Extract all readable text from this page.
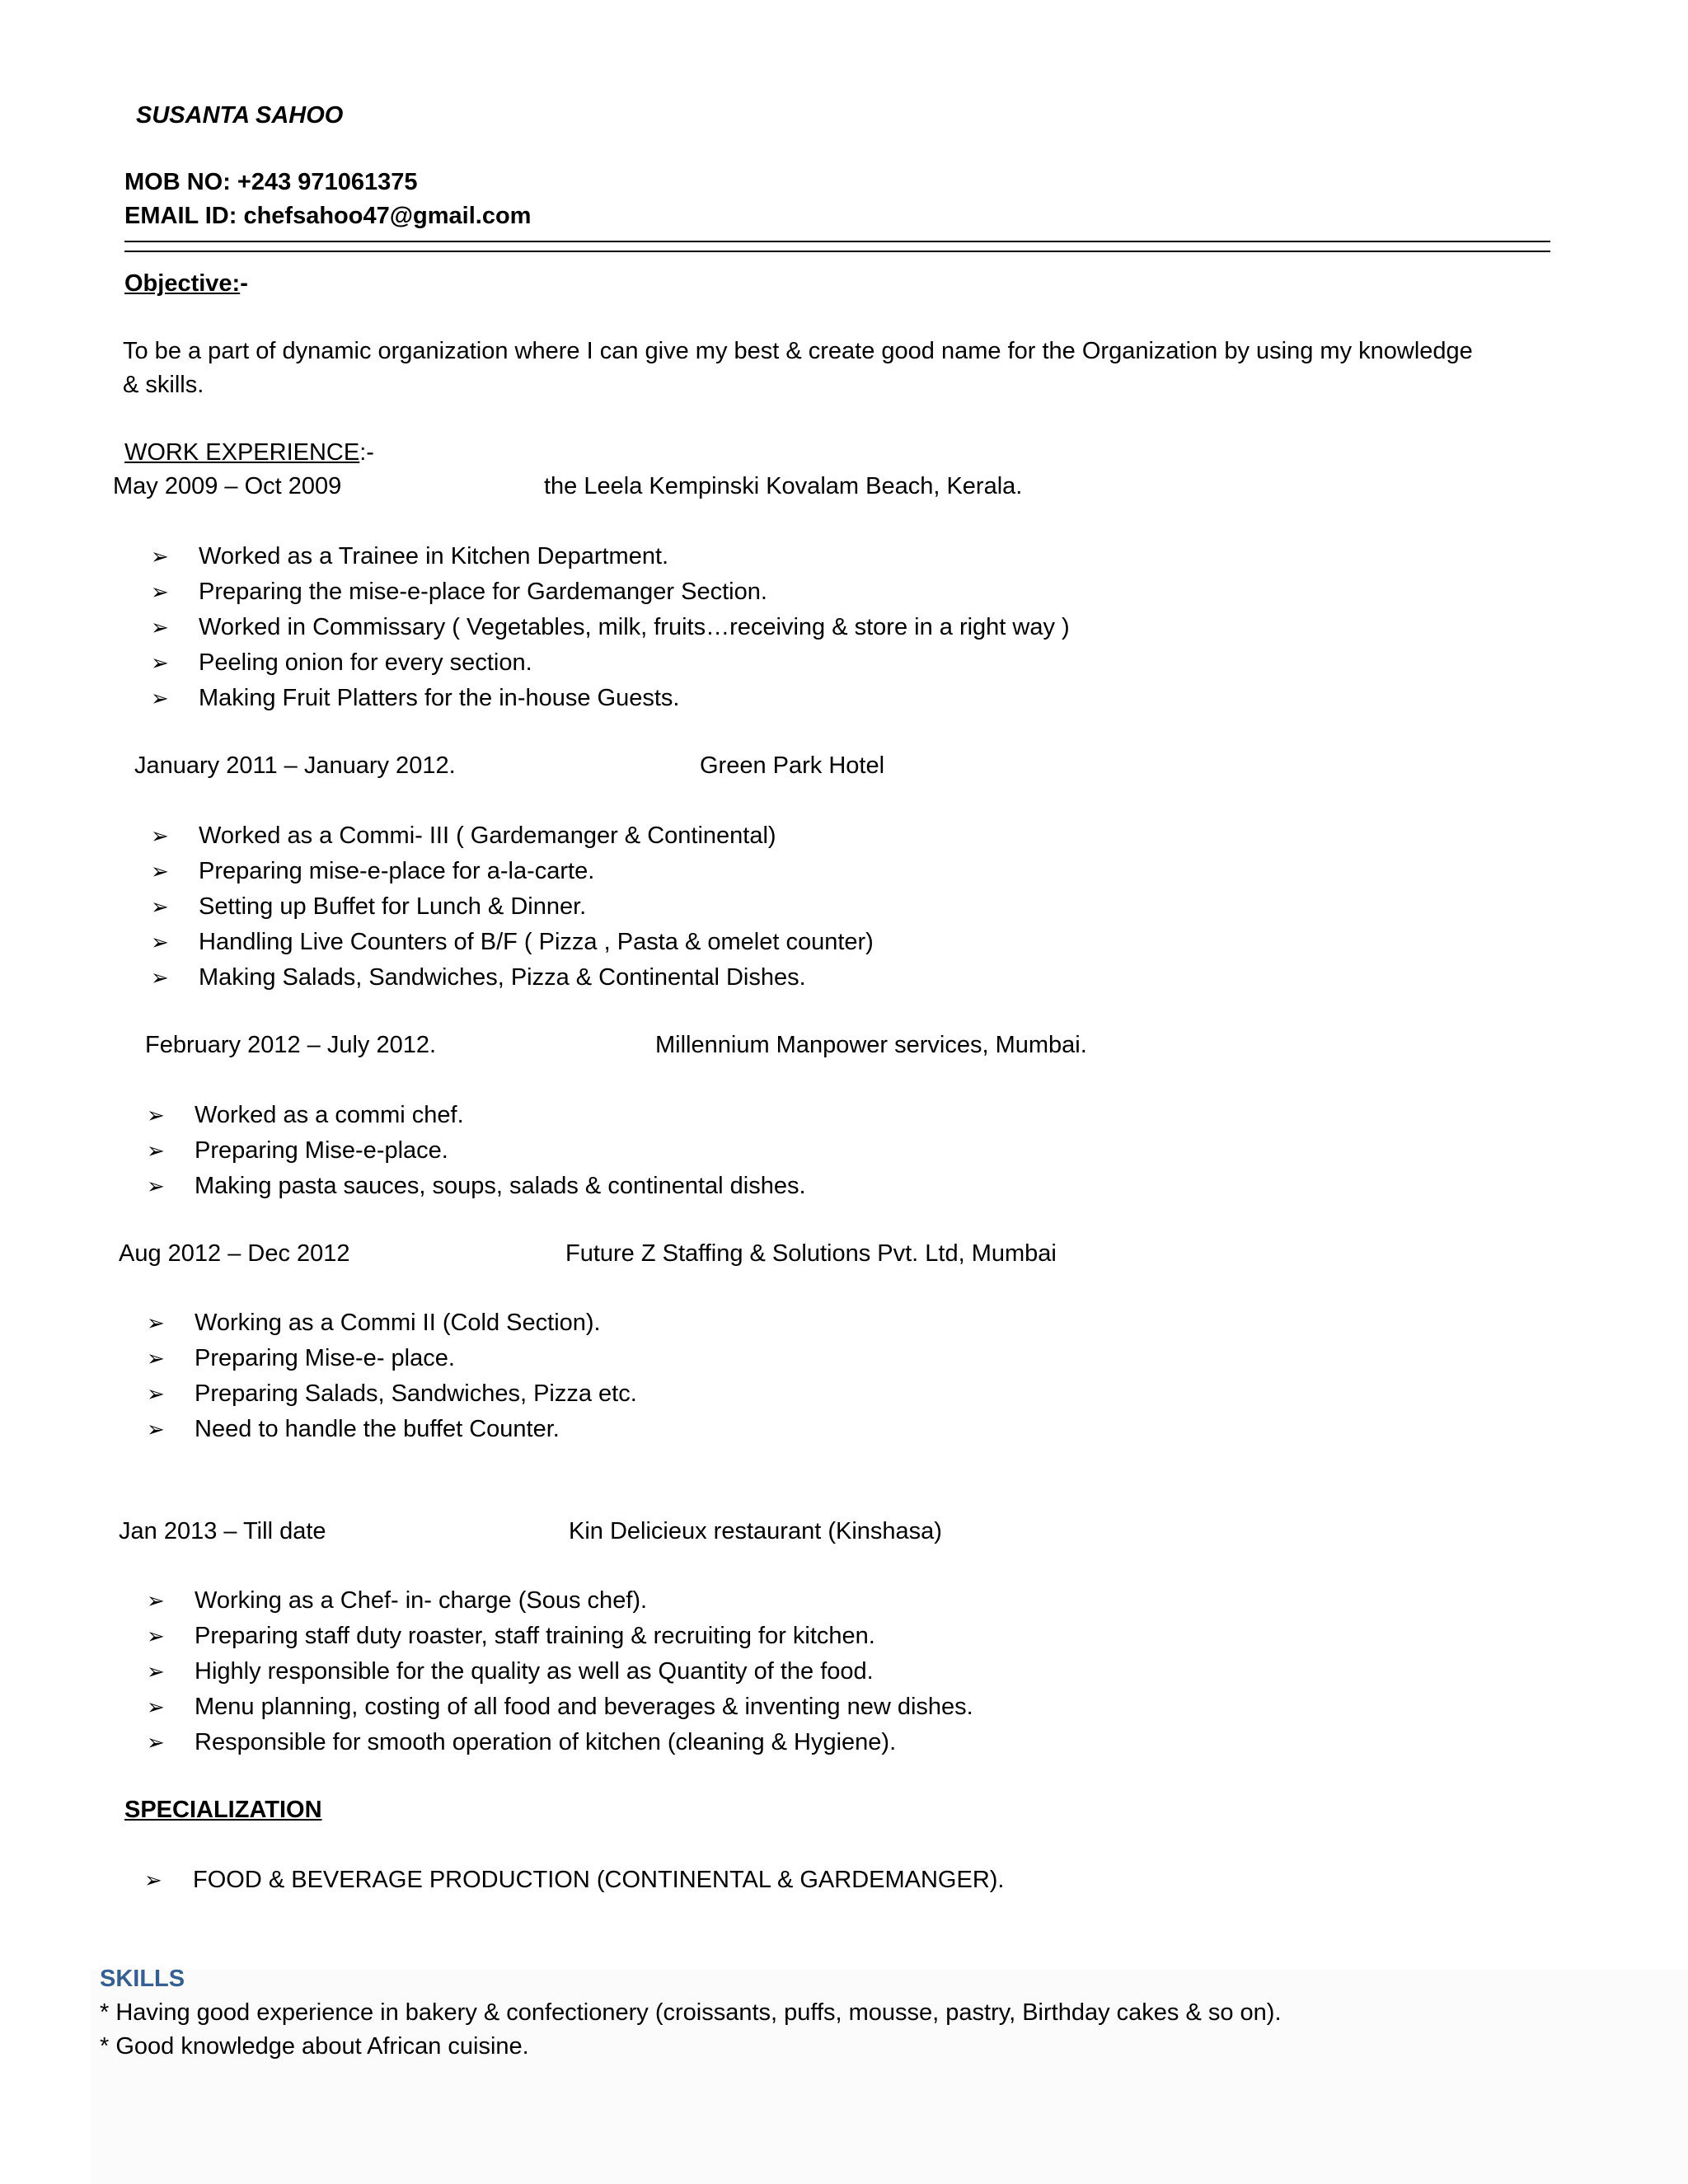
SUSANTA SAHOO
MOB NO: +243 971061375
EMAIL ID: chefsahoo47@gmail.com
Objective:-
To be a part of dynamic organization where I can give my best & create good name for the Organization by using my knowledge
& skills.
WORK EXPERIENCE:-
May 2009 – Oct 2009	the Leela Kempinski Kovalam Beach, Kerala.
➢ Worked as a Trainee in Kitchen Department.
➢ Preparing the mise-e-place for Gardemanger Section.
➢ Worked in Commissary ( Vegetables, milk, fruits…receiving & store in a right way )
➢ Peeling onion for every section.
➢ Making Fruit Platters for the in-house Guests.
January 2011 – January 2012.	Green Park Hotel
➢ Worked as a Commi- III ( Gardemanger & Continental)
➢ Preparing mise-e-place for a-la-carte.
➢ Setting up Buffet for Lunch & Dinner.
➢ Handling Live Counters of B/F ( Pizza , Pasta & omelet counter)
➢ Making Salads, Sandwiches, Pizza & Continental Dishes.
February 2012 – July 2012.	Millennium Manpower services, Mumbai.
➢ Worked as a commi chef.
➢ Preparing Mise-e-place.
➢ Making pasta sauces, soups, salads & continental dishes.
Aug 2012 – Dec 2012	Future Z Staffing & Solutions Pvt. Ltd, Mumbai
➢ Working as a Commi II (Cold Section).
➢ Preparing Mise-e- place.
➢ Preparing Salads, Sandwiches, Pizza etc.
➢ Need to handle the buffet Counter.
Jan 2013 – Till date	Kin Delicieux restaurant (Kinshasa)
➢ Working as a Chef- in- charge (Sous chef).
➢ Preparing staff duty roaster, staff training & recruiting for kitchen.
➢ Highly responsible for the quality as well as Quantity of the food.
➢ Menu planning, costing of all food and beverages & inventing new dishes.
➢ Responsible for smooth operation of kitchen (cleaning & Hygiene).
SPECIALIZATION
➢ FOOD & BEVERAGE PRODUCTION (CONTINENTAL & GARDEMANGER).
SKILLS
* Having good experience in bakery & confectionery (croissants, puffs, mousse, pastry, Birthday cakes & so on).
* Good knowledge about African cuisine.
